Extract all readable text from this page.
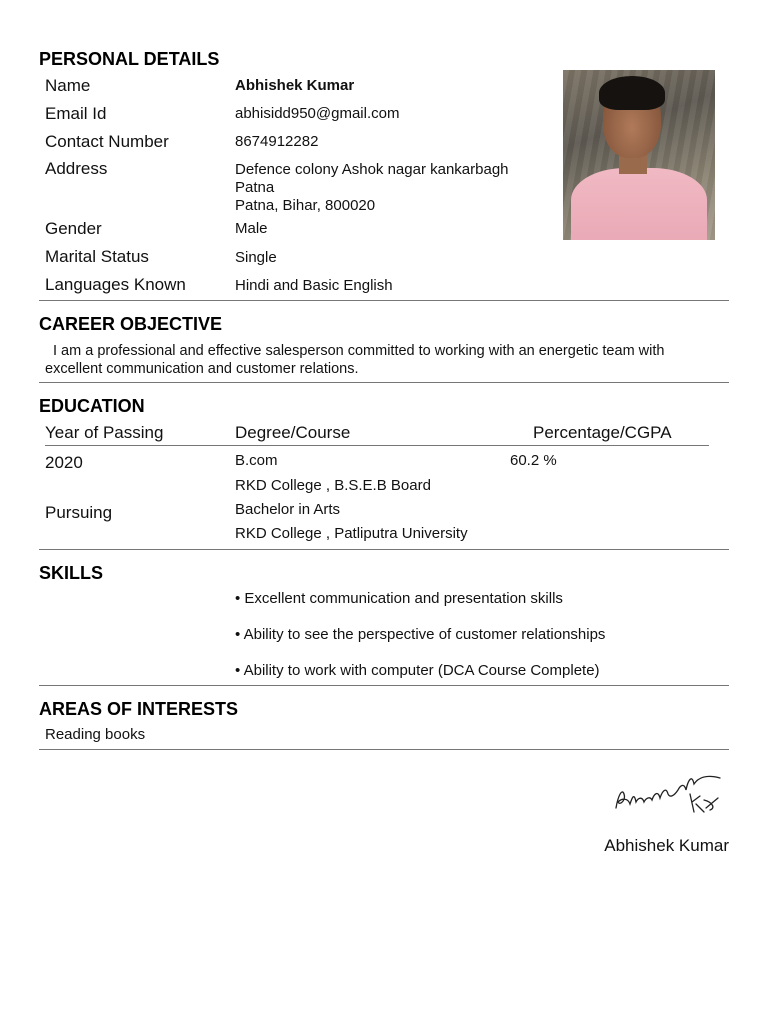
PERSONAL DETAILS
Name	Abhishek Kumar
Email Id	abhisidd950@gmail.com
Contact Number	8674912282
Address	Defence colony Ashok nagar kankarbagh
Patna
Patna, Bihar, 800020
Gender	Male
Marital Status	Single
Languages Known	Hindi and Basic English
CAREER OBJECTIVE
I am a professional and effective salesperson committed to working with an energetic team with excellent communication and customer relations.
EDUCATION
Year of Passing	Degree/Course	Percentage/CGPA
2020	B.com	60.2 %
RKD College , B.S.E.B Board
Pursuing	Bachelor in Arts
RKD College , Patliputra University
SKILLS
• Excellent communication and presentation skills
• Ability to see the perspective of customer relationships
• Ability to work with computer (DCA Course Complete)
AREAS OF INTERESTS
Reading books
Abhishek Kumar
